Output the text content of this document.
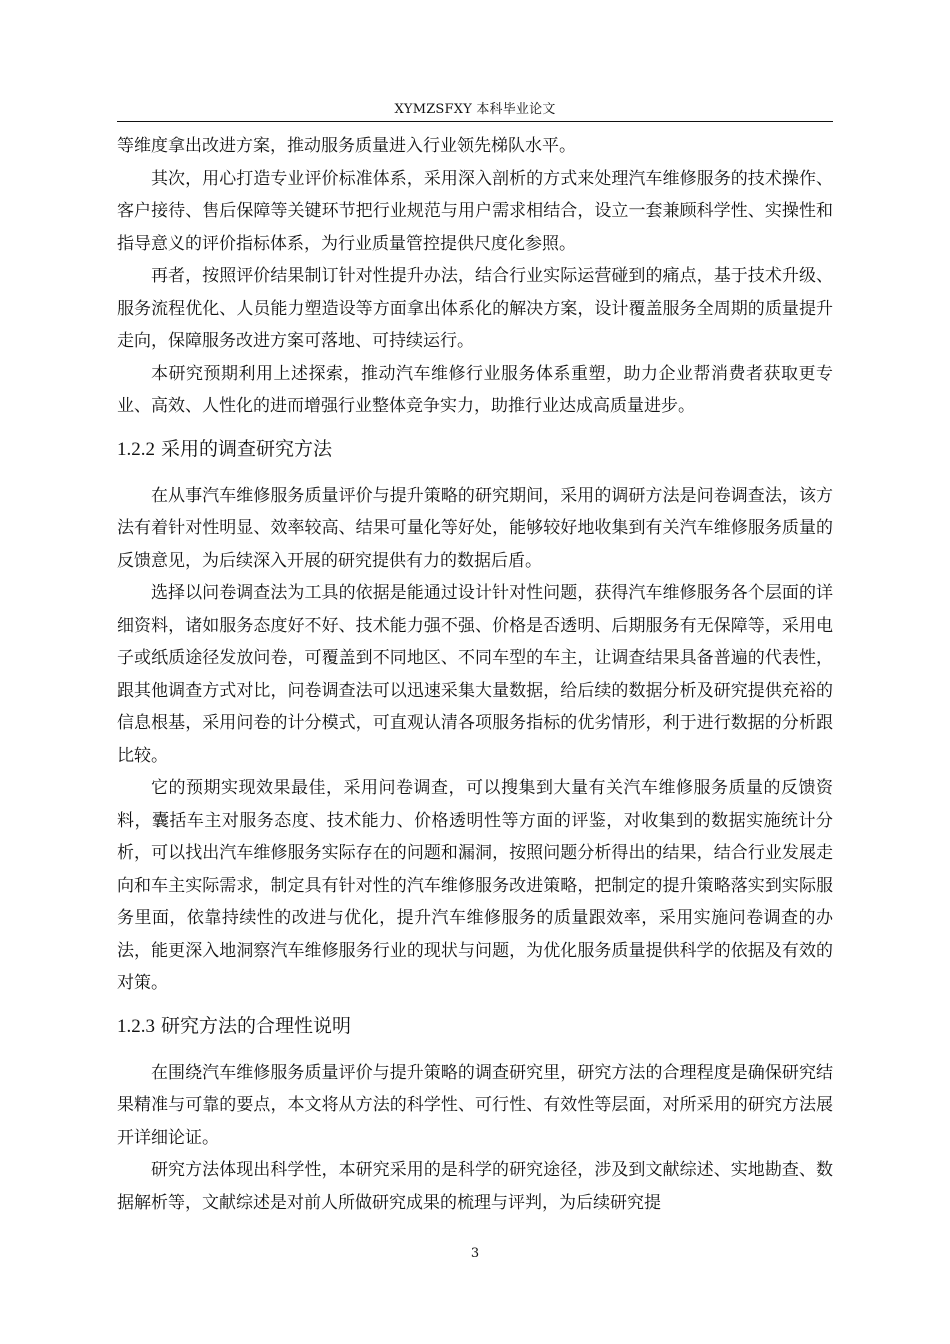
XYMZSFXY 本科毕业论文

等维度拿出改进方案，推动服务质量进入行业领先梯队水平。

其次，用心打造专业评价标准体系，采用深入剖析的方式来处理汽车维修服务的技术操作、客户接待、售后保障等关键环节把行业规范与用户需求相结合，设立一套兼顾科学性、实操性和指导意义的评价指标体系，为行业质量管控提供尺度化参照。

再者，按照评价结果制订针对性提升办法，结合行业实际运营碰到的痛点，基于技术升级、服务流程优化、人员能力塑造设等方面拿出体系化的解决方案，设计覆盖服务全周期的质量提升走向，保障服务改进方案可落地、可持续运行。

本研究预期利用上述探索，推动汽车维修行业服务体系重塑，助力企业帮消费者获取更专业、高效、人性化的进而增强行业整体竞争实力，助推行业达成高质量进步。

1.2.2 采用的调查研究方法

在从事汽车维修服务质量评价与提升策略的研究期间，采用的调研方法是问卷调查法，该方法有着针对性明显、效率较高、结果可量化等好处，能够较好地收集到有关汽车维修服务质量的反馈意见，为后续深入开展的研究提供有力的数据后盾。

选择以问卷调查法为工具的依据是能通过设计针对性问题，获得汽车维修服务各个层面的详细资料，诸如服务态度好不好、技术能力强不强、价格是否透明、后期服务有无保障等，采用电子或纸质途径发放问卷，可覆盖到不同地区、不同车型的车主，让调查结果具备普遍的代表性，跟其他调查方式对比，问卷调查法可以迅速采集大量数据，给后续的数据分析及研究提供充裕的信息根基，采用问卷的计分模式，可直观认清各项服务指标的优劣情形，利于进行数据的分析跟比较。

它的预期实现效果最佳，采用问卷调查，可以搜集到大量有关汽车维修服务质量的反馈资料，囊括车主对服务态度、技术能力、价格透明性等方面的评鉴，对收集到的数据实施统计分析，可以找出汽车维修服务实际存在的问题和漏洞，按照问题分析得出的结果，结合行业发展走向和车主实际需求，制定具有针对性的汽车维修服务改进策略，把制定的提升策略落实到实际服务里面，依靠持续性的改进与优化，提升汽车维修服务的质量跟效率，采用实施问卷调查的办法，能更深入地洞察汽车维修服务行业的现状与问题，为优化服务质量提供科学的依据及有效的对策。

1.2.3 研究方法的合理性说明

在围绕汽车维修服务质量评价与提升策略的调查研究里，研究方法的合理程度是确保研究结果精准与可靠的要点，本文将从方法的科学性、可行性、有效性等层面，对所采用的研究方法展开详细论证。

研究方法体现出科学性，本研究采用的是科学的研究途径，涉及到文献综述、实地勘查、数据解析等，文献综述是对前人所做研究成果的梳理与评判，为后续研究提

3
